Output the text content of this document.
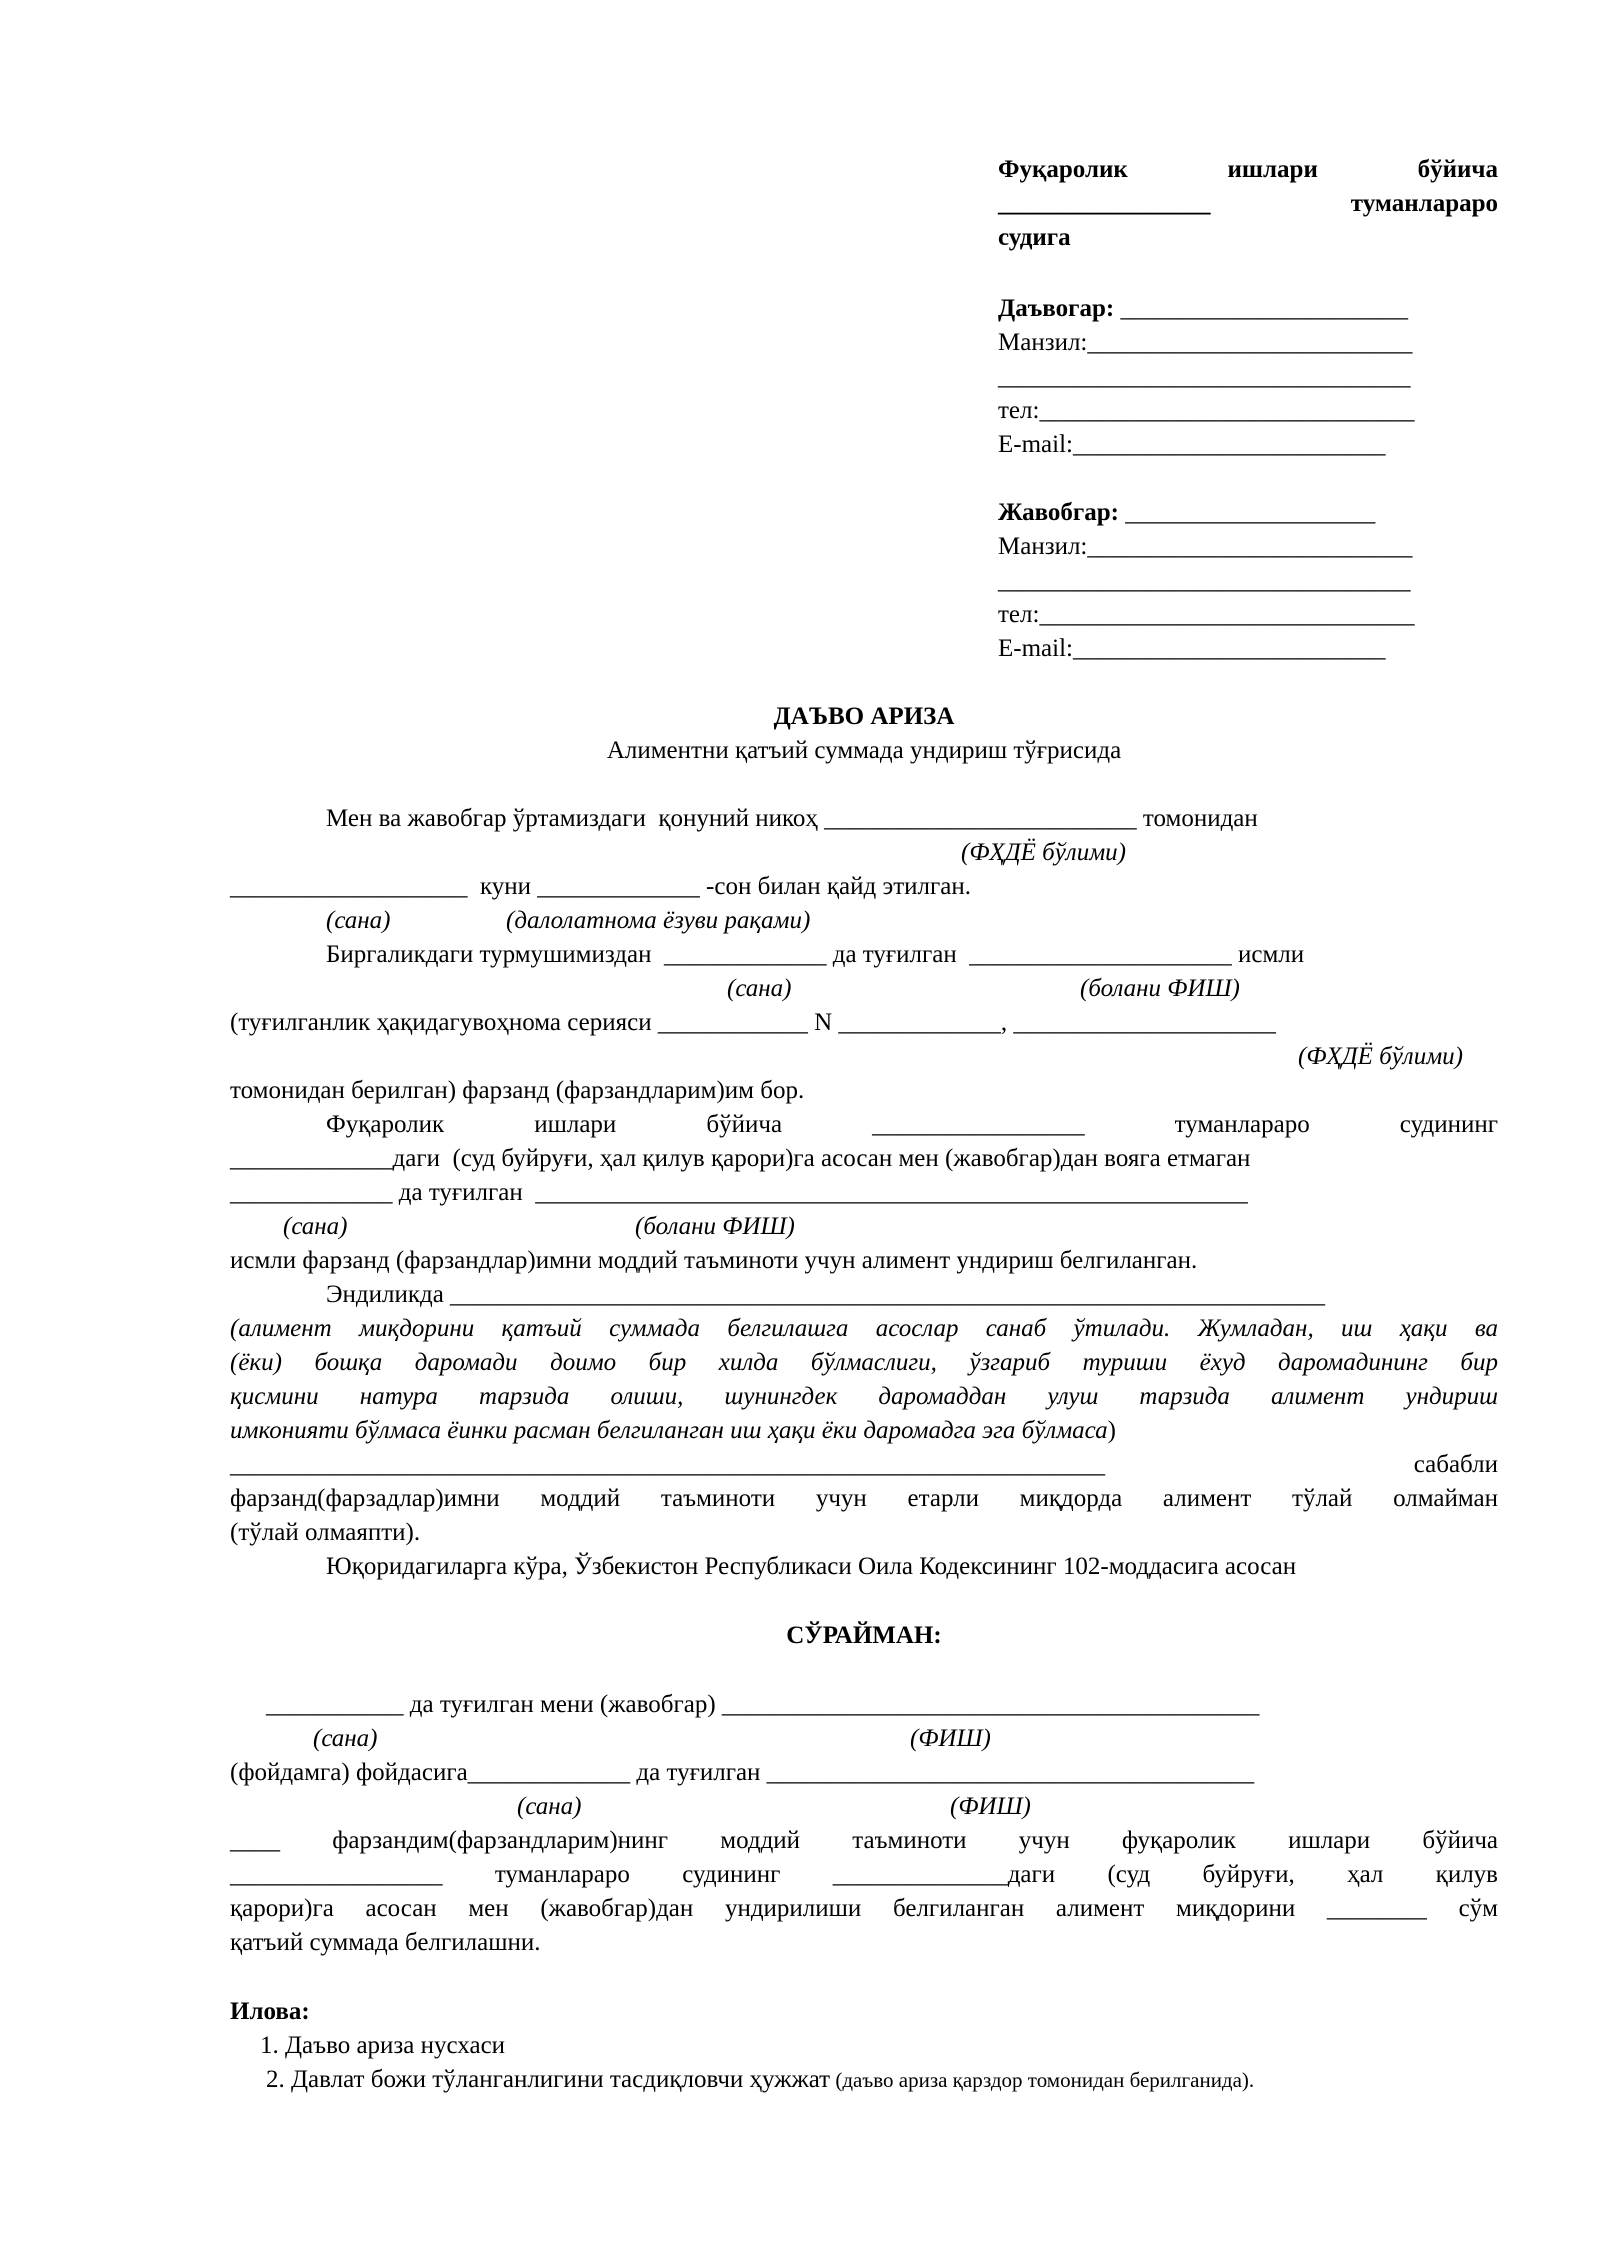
Фуқаролик ишлари бўйича
_________________ туманлараро
судига
Даъвогар: _______________________
Манзил:__________________________
_________________________________
тел:______________________________
E-mail:_________________________
Жавобгар: ____________________
Манзил:__________________________
_________________________________
тел:______________________________
E-mail:_________________________
ДАЪВО АРИЗА
Алиментни қатъий суммада ундириш тўғрисида
Мен ва жавобгар ўртамиздаги  қонуний никоҳ _________________________ томонидан
(ФҲДЁ бўлими)
___________________  куни _____________ -сон билан қайд этилган.
(сана)	(далолатнома ёзуви рақами)
Биргаликдаги турмушимиздан  _____________ да туғилган  _____________________ исмли
(сана)	(болани ФИШ)
(туғилганлик ҳақидагувоҳнома серияси ____________ N _____________, _____________________
(ФҲДЁ бўлими)
томонидан берилган) фарзанд (фарзандларим)им бор.
Фуқаролик ишлари бўйича _________________ туманлараро судининг
_____________даги  (суд буйруғи, ҳал қилув қарори)га асосан мен (жавобгар)дан вояга етмаган
_____________ да туғилган  _________________________________________________________
(сана)	(болани ФИШ)
исмли фарзанд (фарзандлар)имни моддий таъминоти учун алимент ундириш белгиланган.
Эндиликда ______________________________________________________________________
(алимент миқдорини қатъий суммада белгилашга асослар санаб ўтилади. Жумладан, иш ҳақи ва
(ёки) бошқа даромади доимо бир хилда бўлмаслиги, ўзгариб туриши ёхуд даромадининг бир
қисмини натура тарзида олиши, шунингдек даромаддан улуш тарзида алимент ундириш
имконияти бўлмаса ёинки расман белгиланган иш ҳақи ёки даромадга эга бўлмаса)
______________________________________________________________________	сабабли
фарзанд(фарзадлар)имни моддий таъминоти учун етарли миқдорда алимент тўлай олмайман
(тўлай олмаяпти).
Юқоридагиларга кўра, Ўзбекистон Республикаси Оила Кодексининг 102-моддасига асосан
СЎРАЙМАН:
___________ да туғилган мени (жавобгар) ___________________________________________
(сана)	(ФИШ)
(фойдамга) фойдасига_____________ да туғилган _______________________________________
(сана)	(ФИШ)
____ фарзандим(фарзандларим)нинг моддий таъминоти учун фуқаролик ишлари бўйича
_________________ туманлараро судининг ______________даги (суд буйруғи, ҳал қилув
қарори)га асосан мен (жавобгар)дан ундирилиши белгиланган алимент миқдорини ________ сўм
қатъий суммада белгилашни.
Илова:
1. Даъво ариза нусхаси
2. Давлат божи тўланганлигини тасдиқловчи ҳужжат (даъво ариза қарздор томонидан берилганида).
